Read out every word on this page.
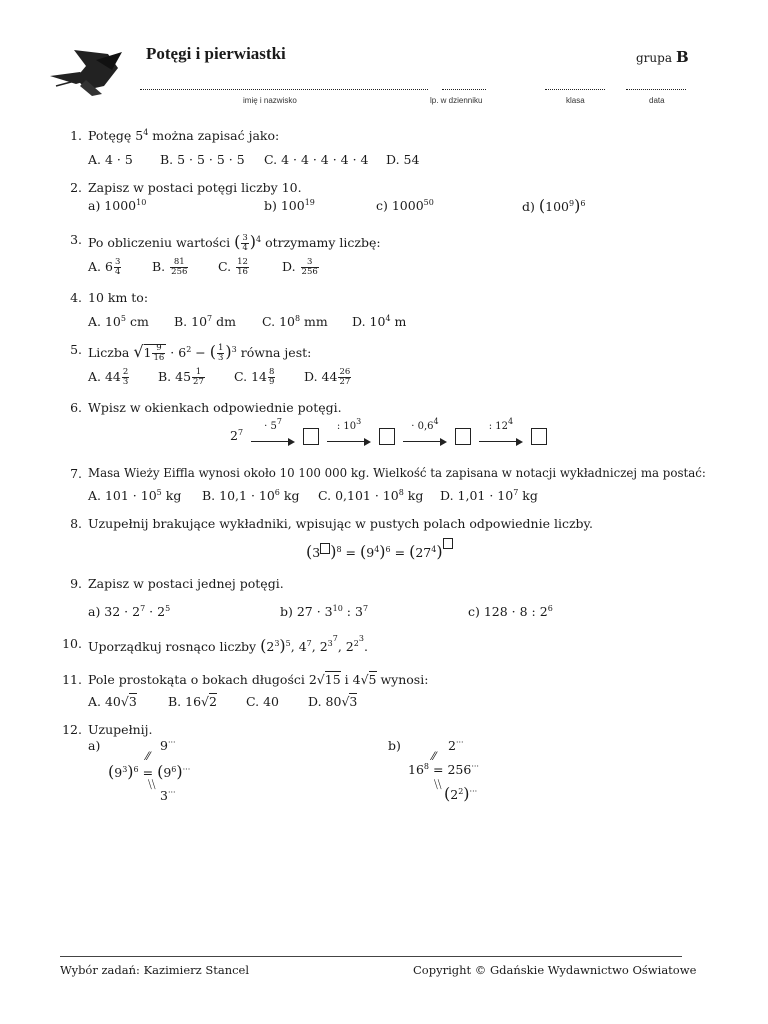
Potęgi i pierwiastki	grupa B
imię i nazwisko	lp. w dzienniku	klasa	data
1. Potęgę $5^4$ można zapisać jako:
A. 4 · 5 B. 5 · 5 · 5 · 5 C. 4 · 4 · 4 · 4 · 4 D. 54
2. Zapisz w postaci potęgi liczby 10.
a) 1000$^{10}$	b) $100^{19}$	c) 1000$^{50}$	d) $(100^9)^6$
3. Po obliczeniu wartości ( $\frac{3}{4} )^4$ otrzymamy liczbę:
A. $6 \frac{3}{4} B$. $\frac{81}{256} C$. $\frac{12}{16}$	D. $\frac{3}{256}$
4. 10 km to:
A. $10^5$ cm B. $10^7$ dm C. $10^8$ mm D. $10^4$ m
5. Liczba $√1 \frac{9}{16} \cdot 6^2$ − ( $\frac{1}{3} )^3$ równa jest:
A. $44 \frac{2}{3} B$. $45 \frac{1}{27} C$. $14 \frac{8}{9} D$. $44 \frac{26}{27}$
6. Wpisz w okienkach odpowiednie potęgi.
$2^7$
· $5^7$
	: $10^3$
	· $0,6^4$
	: $12^4$

7. Masa Wieży Eiffla wynosi około 10 100 000 kg. Wielkość ta zapisana w notacji wykładniczej ma postać:
A. $101 \cdot 10^5$ kg B. $10,1 \cdot 10^6$ kg C. $0,101 \cdot 10^8$ kg D. $1,01 \cdot 10^7$ kg
8. Uzupełnij brakujące wykładniki, wpisując w pustych polach odpowiednie liczby.
(3 )$^8 = (9^4)^6 = (27^4)$
9. Zapisz w postaci jednej potęgi.
a) $32 \cdot 2^7 \cdot 2^5$	b) $27 \cdot 3^{10}$ : $3^7$	c) 128 · 8 : $2^6$
10. Uporządkuj rosnąco liczby $(2^3)^5$, $4^7$, $2^{3^7}$, $2^{2^3}$.
11. Pole prostokąta o bokach długości 2√15 i 4√5 wynosi:
A. 40√3 B. 16√2 C. 40 D. 80√3
12. Uzupełnij.
a)	9···
⁄⁄
$(9^3)^6 = (9^6)^{\cdot\cdot\cdot}$
⧹⧹
3···
b)	2···
⁄⁄
$16^8 = 256^{\cdot\cdot\cdot}$
⧹⧹ $(2^2)^{\cdot\cdot\cdot}$
Wybór zadań: Kazimierz Stancel	Copyright © Gdańskie Wydawnictwo Oświatowe
